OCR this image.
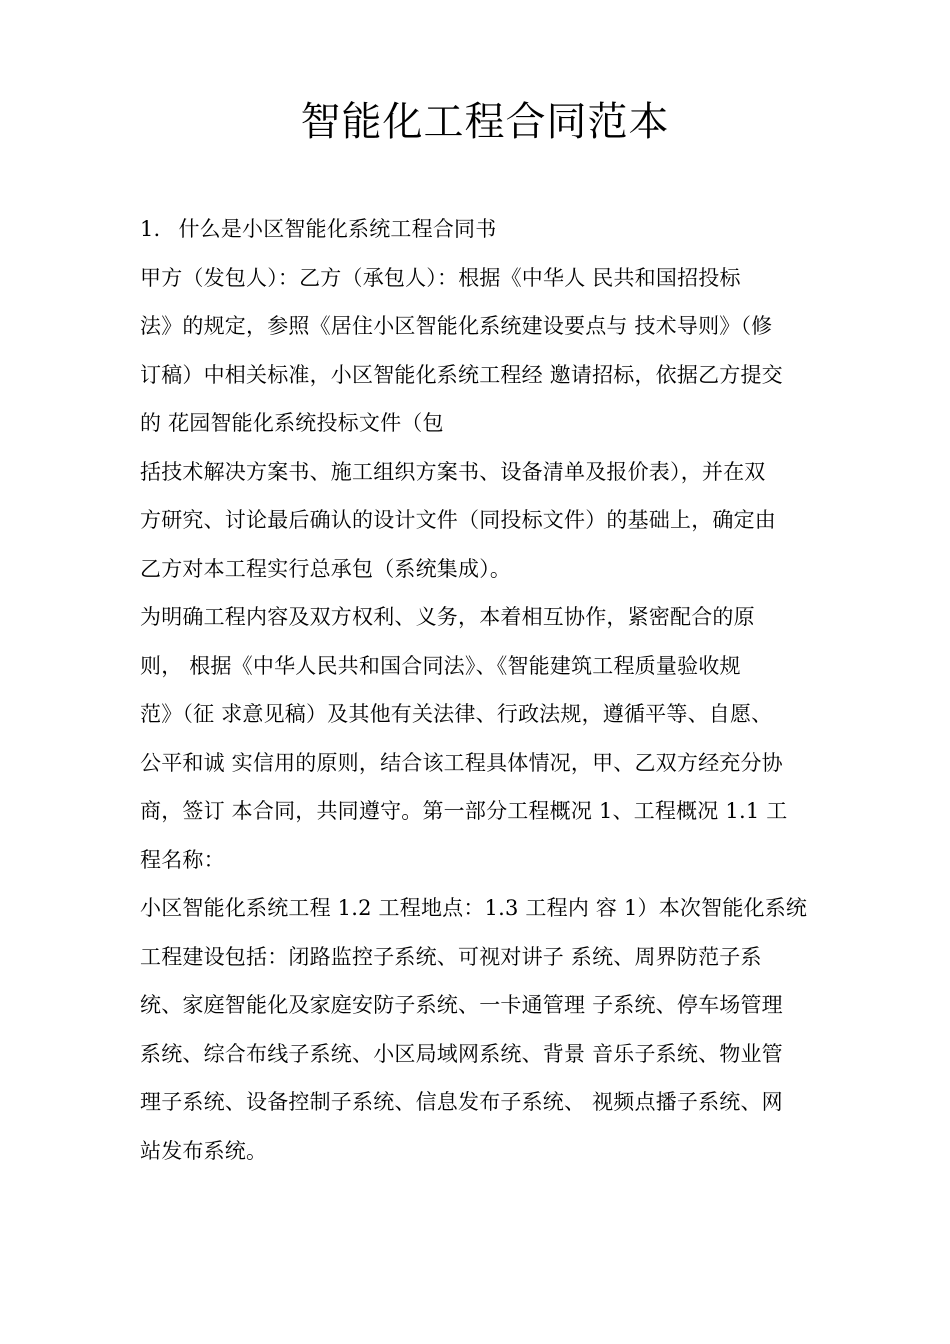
智能化工程合同范本

1. 什么是小区智能化系统工程合同书

甲方（发包人）：乙方（承包人）：根据《中华人 民共和国招投标
法》的规定，参照《居住小区智能化系统建设要点与 技术导则》（修
订稿）中相关标准，小区智能化系统工程经 邀请招标，依据乙方提交
的 花园智能化系统投标文件（包

括技术解决方案书、施工组织方案书、设备清单及报价表），并在双
方研究、讨论最后确认的设计文件（同投标文件）的基础上，确定由
乙方对本工程实行总承包（系统集成）。

为明确工程内容及双方权利、义务，本着相互协作，紧密配合的原
则， 根据《中华人民共和国合同法》、《智能建筑工程质量验收规
范》（征 求意见稿）及其他有关法律、行政法规，遵循平等、自愿、
公平和诚 实信用的原则，结合该工程具体情况，甲、乙双方经充分协
商，签订 本合同，共同遵守。第一部分工程概况 1、工程概况 1.1 工
程名称：

小区智能化系统工程 1.2 工程地点：1.3 工程内 容 1）本次智能化系统
工程建设包括：闭路监控子系统、可视对讲子 系统、周界防范子系
统、家庭智能化及家庭安防子系统、一卡通管理 子系统、停车场管理
系统、综合布线子系统、小区局域网系统、背景 音乐子系统、物业管
理子系统、设备控制子系统、信息发布子系统、 视频点播子系统、网
站发布系统。
